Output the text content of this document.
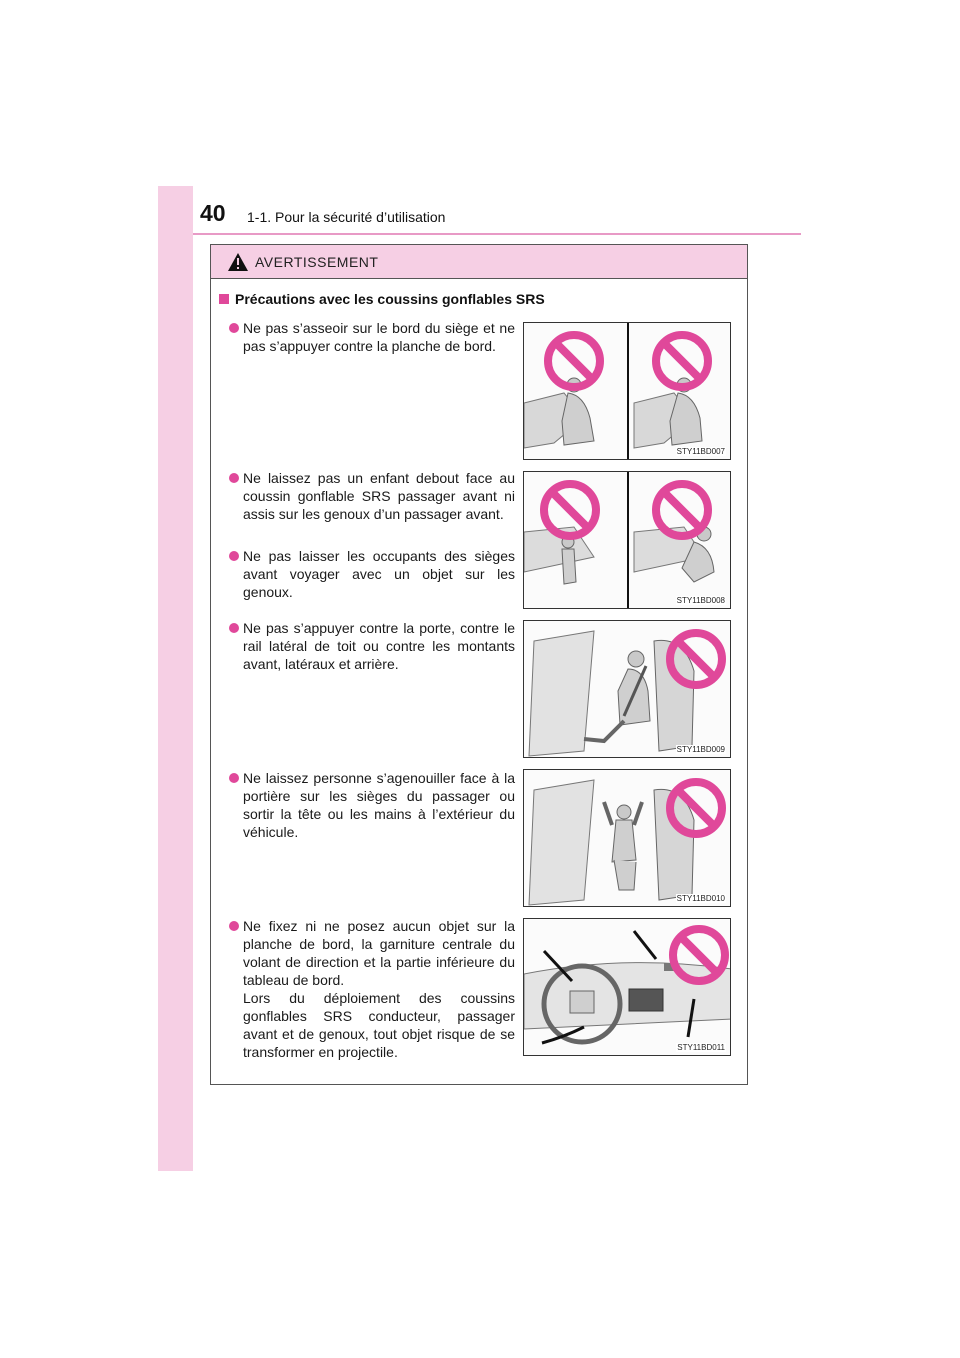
40 1-1. Pour la sécurité d’utilisation
AVERTISSEMENT
Précautions avec les coussins gonflables SRS
Ne pas s’asseoir sur le bord du siège et ne pas s’appuyer contre la planche de bord.
Ne laissez pas un enfant debout face au coussin gonflable SRS passager avant ni assis sur les genoux d’un passager avant.
Ne pas laisser les occupants des sièges avant voyager avec un objet sur les genoux.
Ne pas s’appuyer contre la porte, contre le rail latéral de toit ou contre les montants avant, latéraux et arrière.
Ne laissez personne s’agenouiller face à la portière sur les sièges du passager ou sortir la tête ou les mains à l’extérieur du véhicule.
Ne fixez ni ne posez aucun objet sur la planche de bord, la garniture centrale du volant de direction et la partie inférieure du tableau de bord.
Lors du déploiement des coussins gonflables SRS conducteur, passager avant et de genoux, tout objet risque de se transformer en projectile.
STY11BD007
STY11BD008
STY11BD009
STY11BD010
STY11BD011
